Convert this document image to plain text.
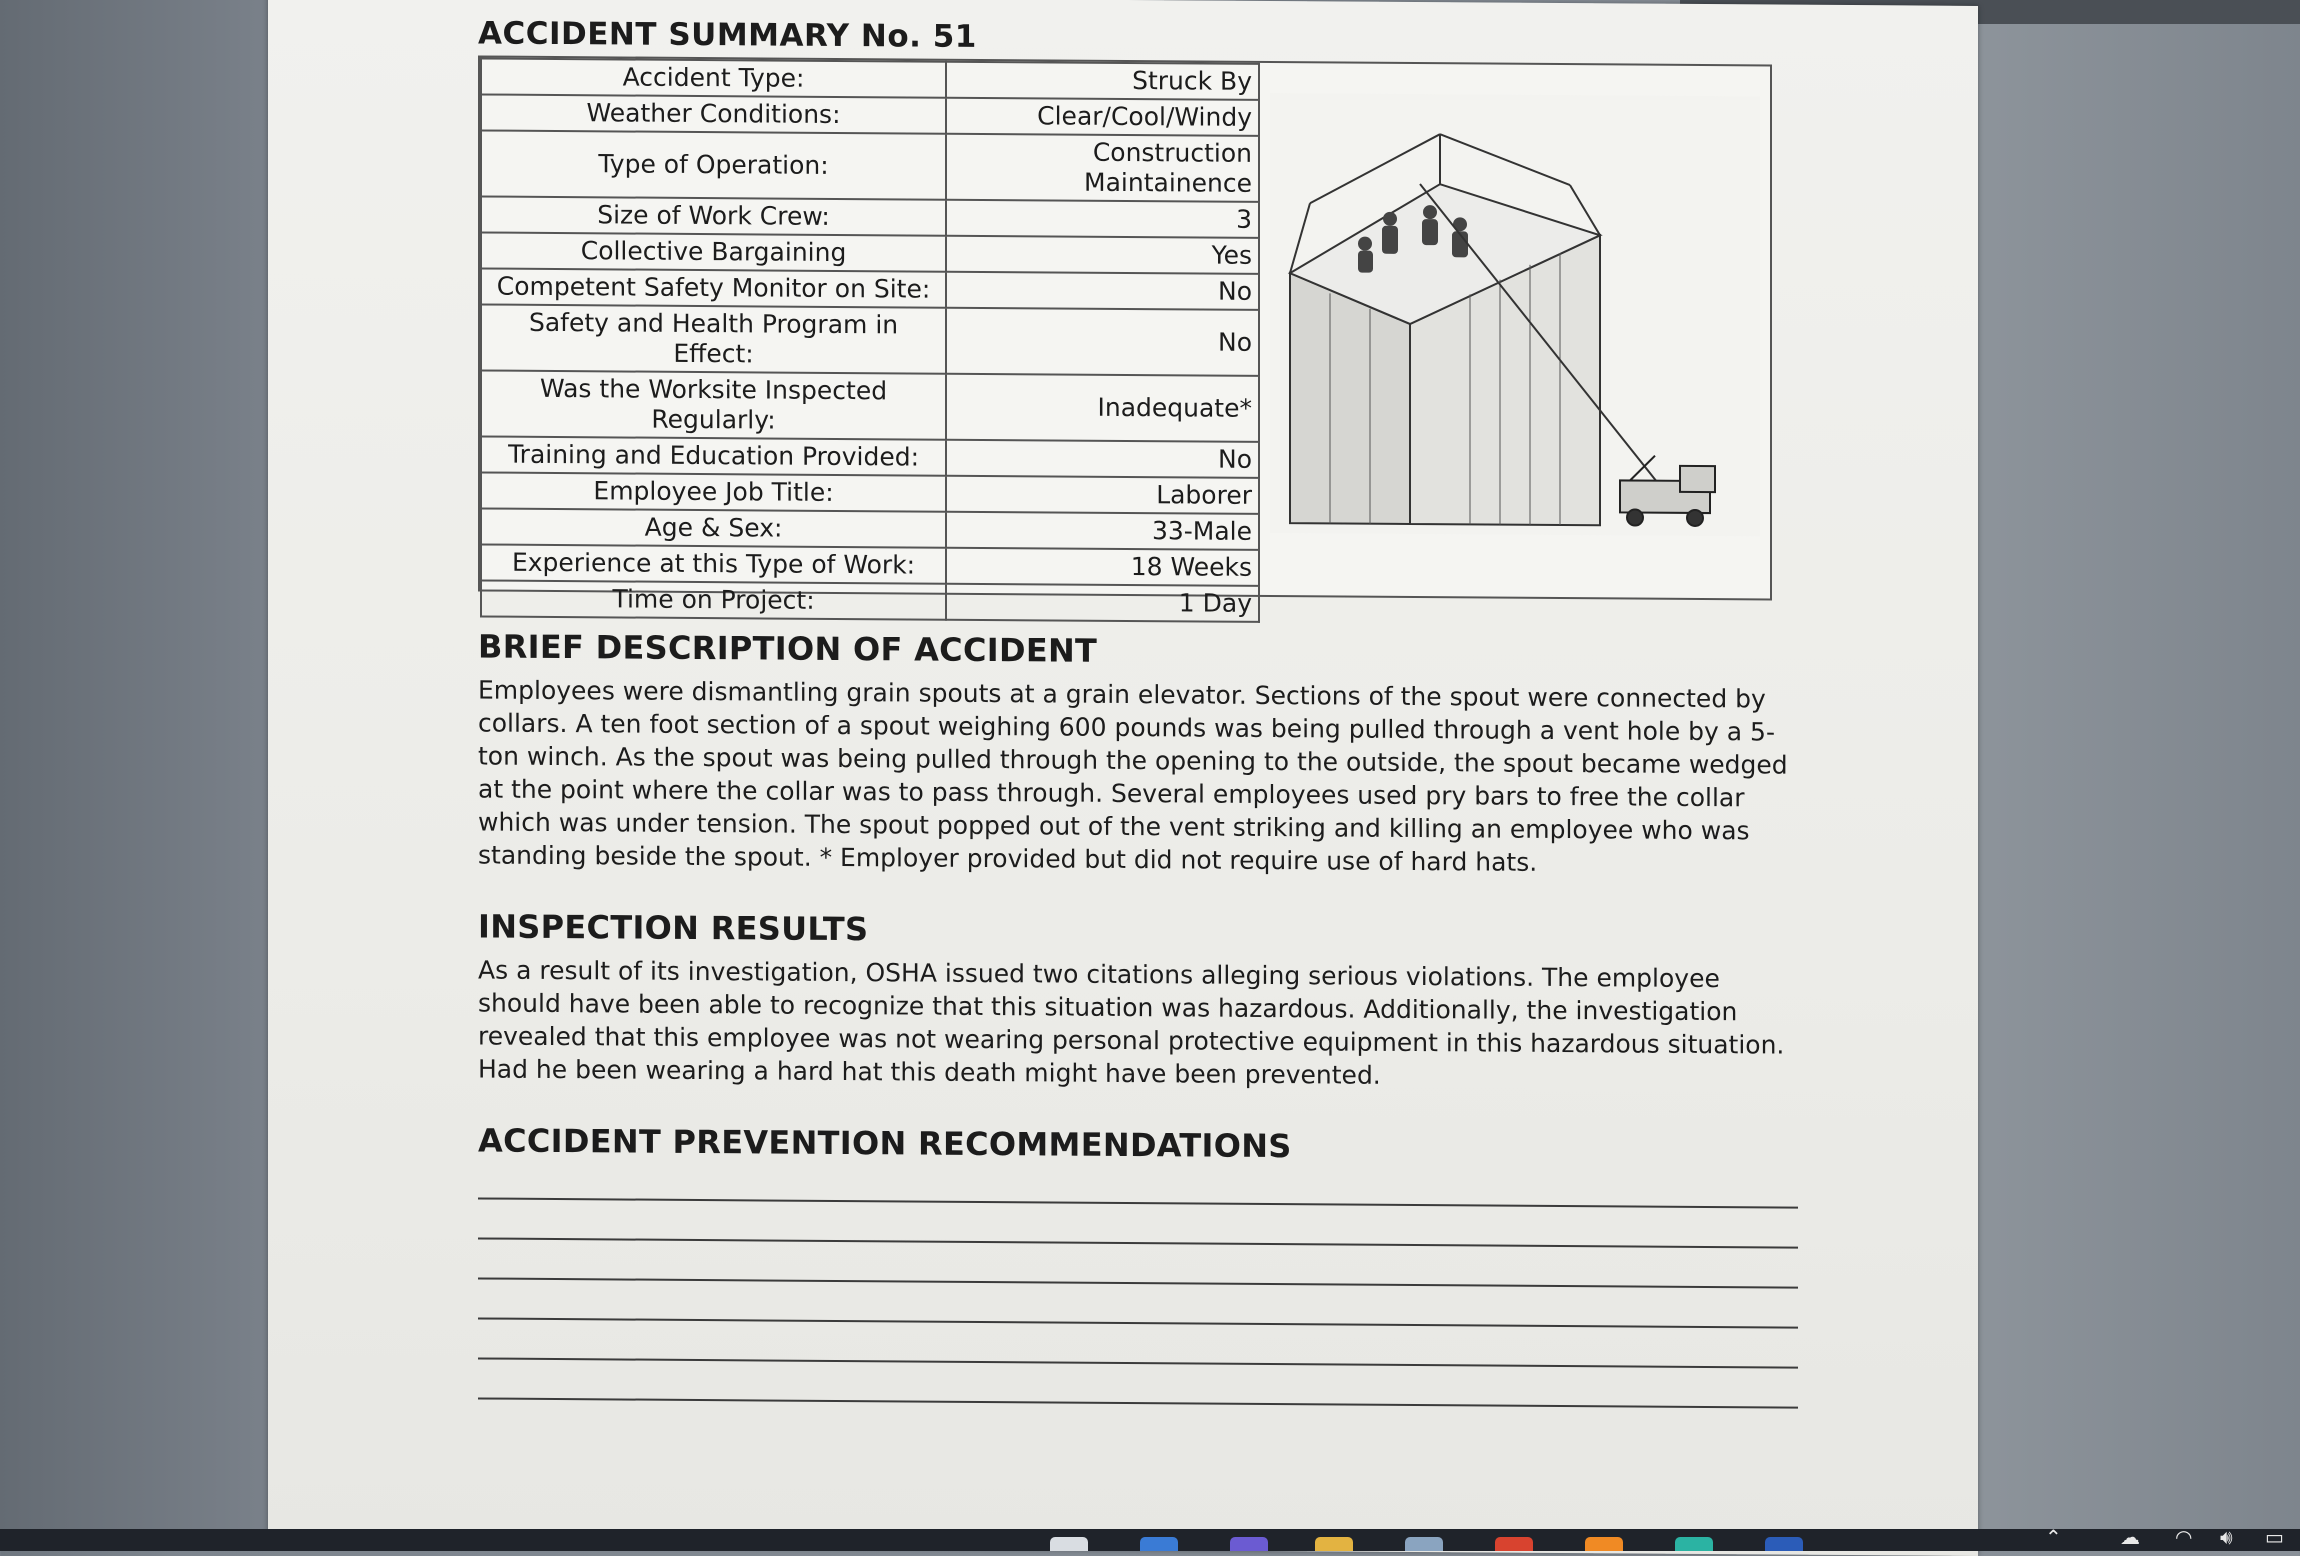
ACCIDENT SUMMARY No. 51
Accident Type:	Struck By
Weather Conditions:	Clear/Cool/Windy
Type of Operation:	Construction Maintainence
Size of Work Crew:	3
Collective Bargaining	Yes
Competent Safety Monitor on Site:	No
Safety and Health Program in Effect:	No
Was the Worksite Inspected Regularly:	Inadequate*
Training and Education Provided:	No
Employee Job Title:	Laborer
Age & Sex:	33-Male
Experience at this Type of Work:	18 Weeks
Time on Project:	1 Day
BRIEF DESCRIPTION OF ACCIDENT

Employees were dismantling grain spouts at a grain elevator. Sections of the spout were connected by collars. A ten foot section of a spout weighing 600 pounds was being pulled through a vent hole by a 5-ton winch. As the spout was being pulled through the opening to the outside, the spout became wedged at the point where the collar was to pass through. Several employees used pry bars to free the collar which was under tension. The spout popped out of the vent striking and killing an employee who was standing beside the spout. * Employer provided but did not require use of hard hats.

INSPECTION RESULTS

As a result of its investigation, OSHA issued two citations alleging serious violations. The employee should have been able to recognize that this situation was hazardous. Additionally, the investigation revealed that this employee was not wearing personal protective equipment in this hazardous situation. Had he been wearing a hard hat this death might have been prevented.

ACCIDENT PREVENTION RECOMMENDATIONS
⌃	☁ ◠ 🔊︎ ▭
